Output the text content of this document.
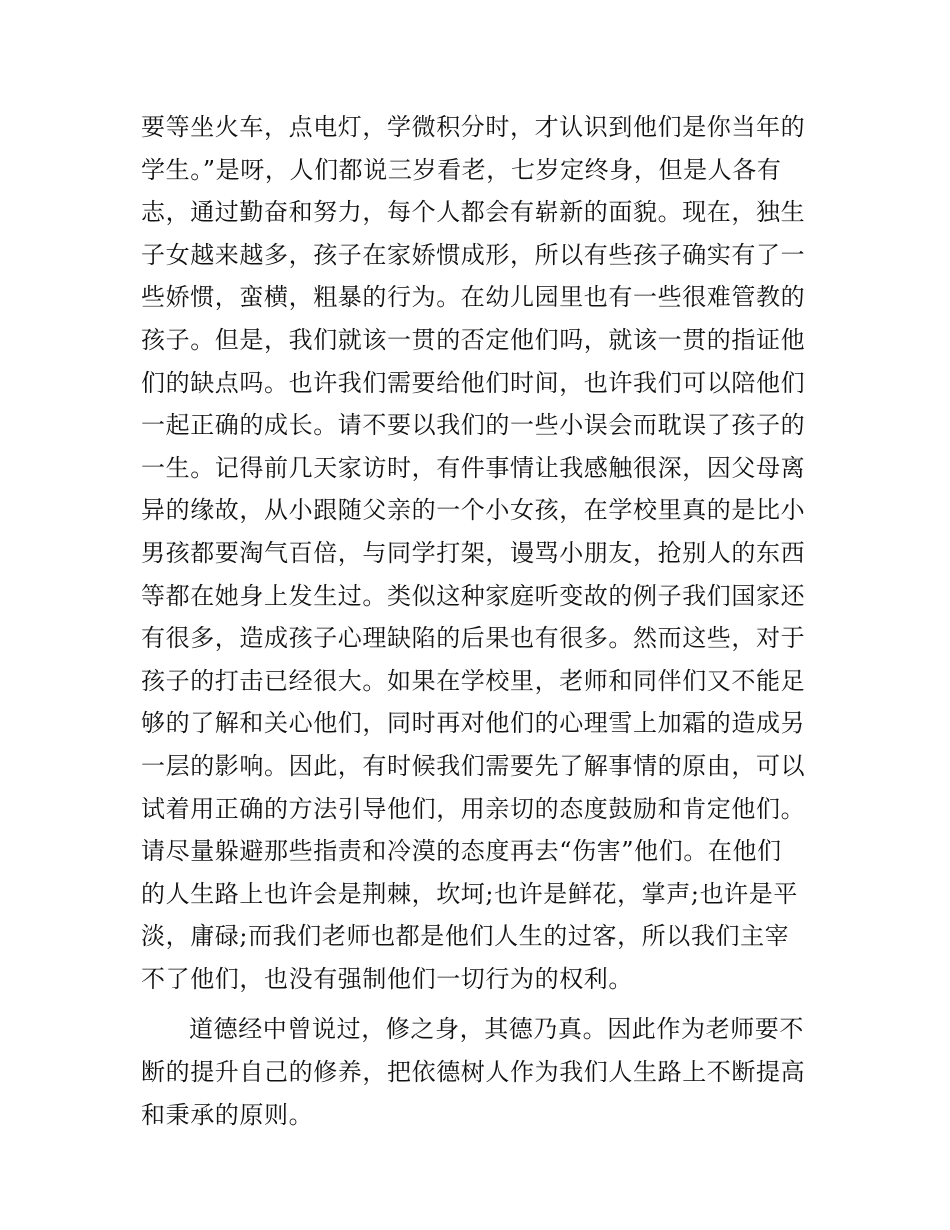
要等坐火车，点电灯，学微积分时，才认识到他们是你当年的
学生。”是呀，人们都说三岁看老，七岁定终身，但是人各有
志，通过勤奋和努力，每个人都会有崭新的面貌。现在，独生
子女越来越多，孩子在家娇惯成形，所以有些孩子确实有了一
些娇惯，蛮横，粗暴的行为。在幼儿园里也有一些很难管教的
孩子。但是，我们就该一贯的否定他们吗，就该一贯的指证他
们的缺点吗。也许我们需要给他们时间，也许我们可以陪他们
一起正确的成长。请不要以我们的一些小误会而耽误了孩子的
一生。记得前几天家访时，有件事情让我感触很深，因父母离
异的缘故，从小跟随父亲的一个小女孩，在学校里真的是比小
男孩都要淘气百倍，与同学打架，谩骂小朋友，抢别人的东西
等都在她身上发生过。类似这种家庭听变故的例子我们国家还
有很多，造成孩子心理缺陷的后果也有很多。然而这些，对于
孩子的打击已经很大。如果在学校里，老师和同伴们又不能足
够的了解和关心他们，同时再对他们的心理雪上加霜的造成另
一层的影响。因此，有时候我们需要先了解事情的原由，可以
试着用正确的方法引导他们，用亲切的态度鼓励和肯定他们。
请尽量躲避那些指责和冷漠的态度再去“伤害”他们。在他们
的人生路上也许会是荆棘，坎坷;也许是鲜花，掌声;也许是平
淡，庸碌;而我们老师也都是他们人生的过客，所以我们主宰
不了他们，也没有强制他们一切行为的权利。
道德经中曾说过，修之身，其德乃真。因此作为老师要不
断的提升自己的修养，把依德树人作为我们人生路上不断提高
和秉承的原则。
